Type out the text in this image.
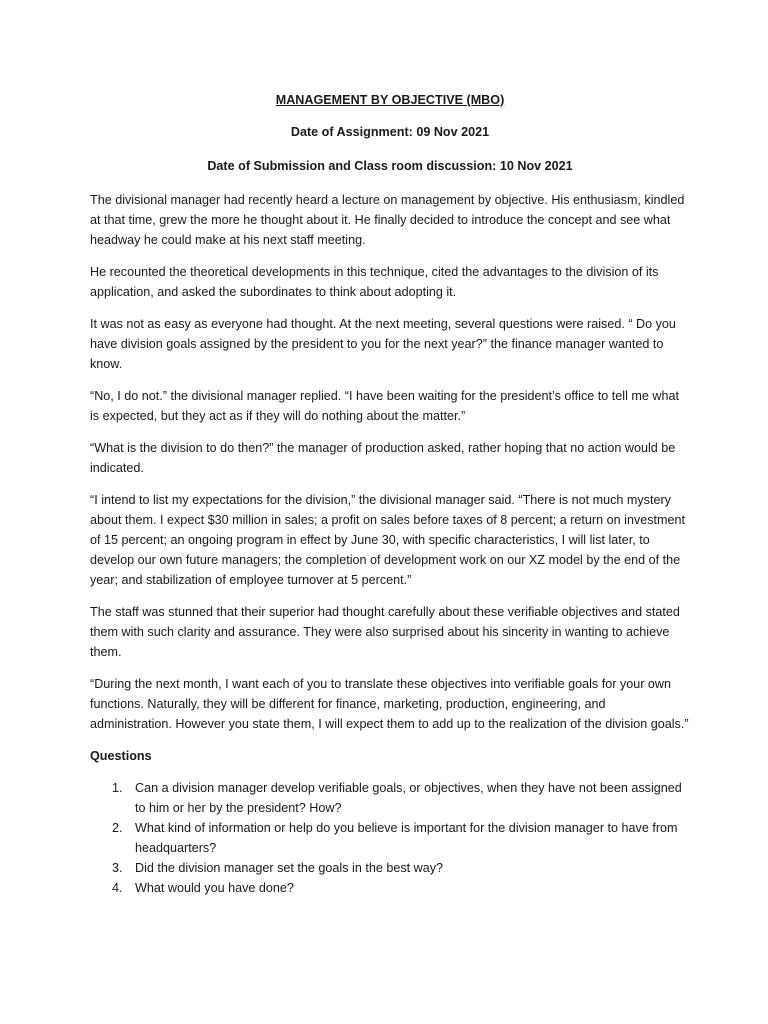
MANAGEMENT BY OBJECTIVE (MBO)
Date of Assignment: 09 Nov 2021
Date of Submission and Class room discussion: 10 Nov 2021

The divisional manager had recently heard a lecture on management by objective. His enthusiasm, kindled at that time, grew the more he thought about it. He finally decided to introduce the concept and see what headway he could make at his next staff meeting.

He recounted the theoretical developments in this technique, cited the advantages to the division of its application, and asked the subordinates to think about adopting it.

It was not as easy as everyone had thought. At the next meeting, several questions were raised. “ Do you have division goals assigned by the president to you for the next year?” the finance manager wanted to know.

“No, I do not.” the divisional manager replied. “I have been waiting for the president’s office to tell me what is expected, but they act as if they will do nothing about the matter.”

“What is the division to do then?” the manager of production asked, rather hoping that no action would be indicated.

“I intend to list my expectations for the division,” the divisional manager said. “There is not much mystery about them. I expect $30 million in sales; a profit on sales before taxes of 8 percent; a return on investment of 15 percent; an ongoing program in effect by June 30, with specific characteristics, I will list later, to develop our own future managers; the completion of development work on our XZ model by the end of the year; and stabilization of employee turnover at 5 percent.”

The staff was stunned that their superior had thought carefully about these verifiable objectives and stated them with such clarity and assurance. They were also surprised about his sincerity in wanting to achieve them.

“During the next month, I want each of you to translate these objectives into verifiable goals for your own functions. Naturally, they will be different for finance, marketing, production, engineering, and administration. However you state them, I will expect them to add up to the realization of the division goals.”

Questions
1. Can a division manager develop verifiable goals, or objectives, when they have not been assigned to him or her by the president? How?
2. What kind of information or help do you believe is important for the division manager to have from headquarters?
3. Did the division manager set the goals in the best way?
4. What would you have done?
